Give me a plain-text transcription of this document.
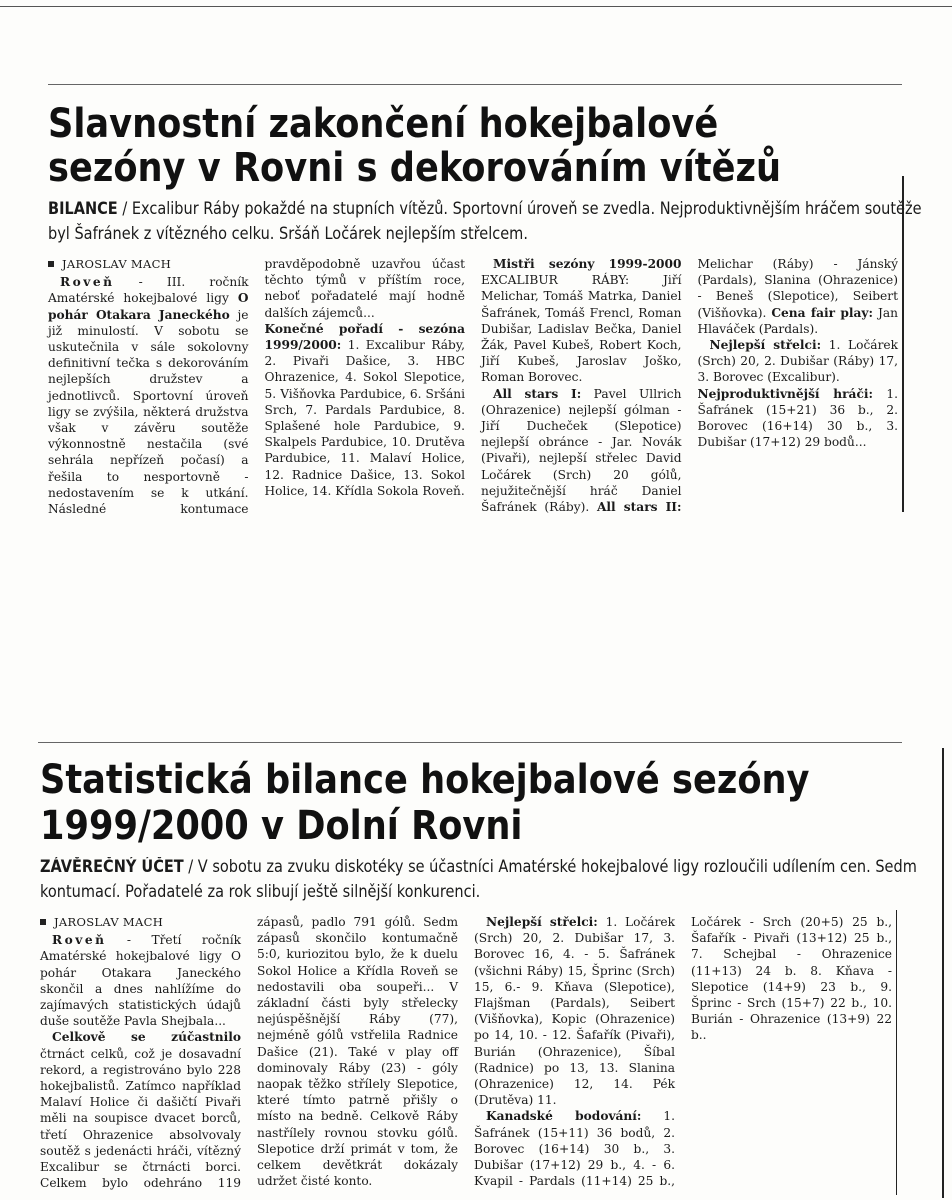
Slavnostní zakončení hokejbalové
sezóny v Rovni s dekorováním vítězů

BILANCE / Excalibur Ráby pokaždé na stupních vítězů. Sportovní úroveň se zvedla. Nejproduktivnějším hráčem soutěže byl Šafránek z vítězného celku. Sršáň Ločárek nejlepším střelcem.

JAROSLAV MACH

Roveň - III. ročník Amatérské hokejbalové ligy O pohár Otakara Janeckého je již minulostí. V sobotu se uskutečnila v sále sokolovny definitivní tečka s dekorováním nejlepších družstev a jednotlivců. Sportovní úroveň ligy se zvýšila, některá družstva však v závěru soutěže výkonnostně nestačila (své sehrála nepřízeň počasí) a řešila to nesportovně - nedostavením se k utkání. Následné kontumace pravděpodobně uzavřou účast těchto týmů v příštím roce, neboť pořadatelé mají hodně dalších zájemců...

Konečné pořadí - sezóna 1999/2000: 1. Excalibur Ráby, 2. Pivaři Dašice, 3. HBC Ohrazenice, 4. Sokol Slepotice, 5. Višňovka Pardubice, 6. Sršáni Srch, 7. Pardals Pardubice, 8. Splašené hole Pardubice, 9. Skalpels Pardubice, 10. Drutěva Pardubice, 11. Malaví Holice, 12. Radnice Dašice, 13. Sokol Holice, 14. Křídla Sokola Roveň.

Mistři sezóny 1999-2000 EXCALIBUR RÁBY: Jiří Melichar, Tomáš Matrka, Daniel Šafránek, Tomáš Frencl, Roman Dubišar, Ladislav Bečka, Daniel Žák, Pavel Kubeš, Robert Koch, Jiří Kubeš, Jaroslav Joško, Roman Borovec.

All stars I: Pavel Ullrich (Ohrazenice) nejlepší gólman - Jiří Ducheček (Slepotice) nejlepší obránce - Jar. Novák (Pivaři), nejlepší střelec David Ločárek (Srch) 20 gólů, nejužitečnější hráč Daniel Šafránek (Ráby). All stars II: Melichar (Ráby) - Jánský (Pardals), Slanina (Ohrazenice) - Beneš (Slepotice), Seibert (Višňovka). Cena fair play: Jan Hlaváček (Pardals).

Nejlepší střelci: 1. Ločárek (Srch) 20, 2. Dubišar (Ráby) 17, 3. Borovec (Excalibur).

Nejproduktivnější hráči: 1. Šafránek (15+21) 36 b., 2. Borovec (16+14) 30 b., 3. Dubišar (17+12) 29 bodů...

Statistická bilance hokejbalové sezóny
1999/2000 v Dolní Rovni

ZÁVĚREČNÝ ÚČET / V sobotu za zvuku diskotéky se účastníci Amatérské hokejbalové ligy rozloučili udílením cen. Sedm kontumací. Pořadatelé za rok slibují ještě silnější konkurenci.

JAROSLAV MACH

Roveň - Třetí ročník Amatérské hokejbalové ligy O pohár Otakara Janeckého skončil a dnes nahlížíme do zajímavých statistických údajů duše soutěže Pavla Shejbala...

Celkově se zúčastnilo čtrnáct celků, což je dosavadní rekord, a registrováno bylo 228 hokejbalistů. Zatímco například Malaví Holice či dašičtí Pivaři měli na soupisce dvacet borců, třetí Ohrazenice absolvovaly soutěž s jedenácti hráči, vítězný Excalibur se čtrnácti borci. Celkem bylo odehráno 119 zápasů, padlo 791 gólů. Sedm zápasů skončilo kontumačně 5:0, kuriozitou bylo, že k duelu Sokol Holice a Křídla Roveň se nedostavili oba soupeři... V základní části byly střelecky nejúspěšnější Ráby (77), nejméně gólů vstřelila Radnice Dašice (21). Také v play off dominovaly Ráby (23) - góly naopak těžko střílely Slepotice, které tímto patrně přišly o místo na bedně. Celkově Ráby nastřílely rovnou stovku gólů. Slepotice drží primát v tom, že celkem devětkrát dokázaly udržet čisté konto.

Nejlepší střelci: 1. Ločárek (Srch) 20, 2. Dubišar 17, 3. Borovec 16, 4. - 5. Šafránek (všichni Ráby) 15, Šprinc (Srch) 15, 6.- 9. Kňava (Slepotice), Flajšman (Pardals), Seibert (Višňovka), Kopic (Ohrazenice) po 14, 10. - 12. Šafařík (Pivaři), Burián (Ohrazenice), Šíbal (Radnice) po 13, 13. Slanina (Ohrazenice) 12, 14. Pék (Drutěva) 11.

Kanadské bodování: 1. Šafránek (15+11) 36 bodů, 2. Borovec (16+14) 30 b., 3. Dubišar (17+12) 29 b., 4. - 6. Kvapil - Pardals (11+14) 25 b., Ločárek - Srch (20+5) 25 b., Šafařík - Pivaři (13+12) 25 b., 7. Schejbal - Ohrazenice (11+13) 24 b. 8. Kňava - Slepotice (14+9) 23 b., 9. Šprinc - Srch (15+7) 22 b., 10. Burián - Ohrazenice (13+9) 22 b..
